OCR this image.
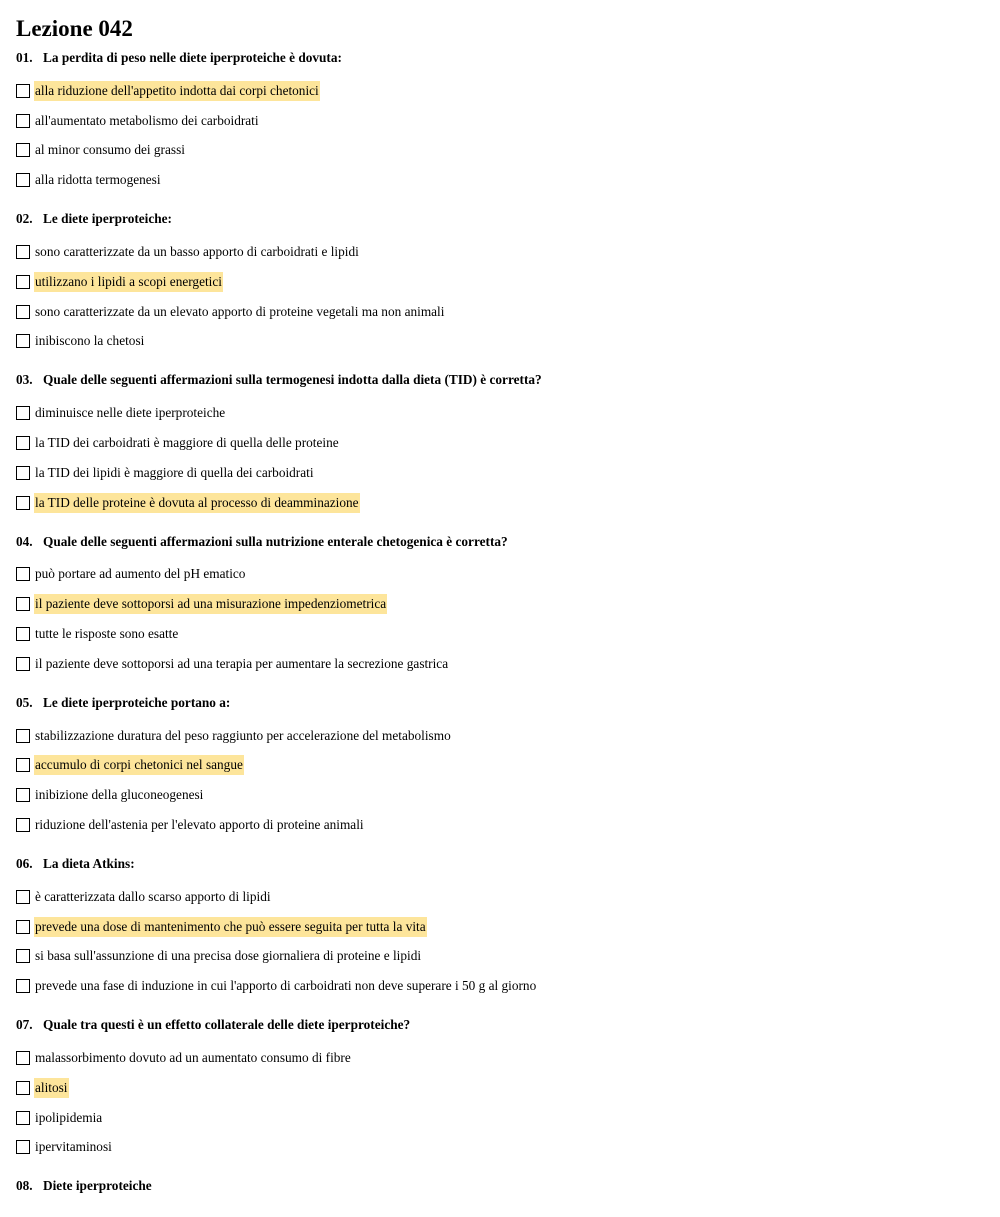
Lezione 042
01. La perdita di peso nelle diete iperproteiche è dovuta:
alla riduzione dell'appetito indotta dai corpi chetonici
all'aumentato metabolismo dei carboidrati
al minor consumo dei grassi
alla ridotta termogenesi
02. Le diete iperproteiche:
sono caratterizzate da un basso apporto di carboidrati e lipidi
utilizzano i lipidi a scopi energetici
sono caratterizzate da un elevato apporto di proteine vegetali ma non animali
inibiscono la chetosi
03. Quale delle seguenti affermazioni sulla termogenesi indotta dalla dieta (TID) è corretta?
diminuisce nelle diete iperproteiche
la TID dei carboidrati è maggiore di quella delle proteine
la TID dei lipidi è maggiore di quella dei carboidrati
la TID delle proteine è dovuta al processo di deamminazione
04. Quale delle seguenti affermazioni sulla nutrizione enterale chetogenica è corretta?
può portare ad aumento del pH ematico
il paziente deve sottoporsi ad una misurazione impedenziometrica
tutte le risposte sono esatte
il paziente deve sottoporsi ad una terapia per aumentare la secrezione gastrica
05. Le diete iperproteiche portano a:
stabilizzazione duratura del peso raggiunto per accelerazione del metabolismo
accumulo di corpi chetonici nel sangue
inibizione della gluconeogenesi
riduzione dell'astenia per l'elevato apporto di proteine animali
06. La dieta Atkins:
è caratterizzata dallo scarso apporto di lipidi
prevede una dose di mantenimento che può essere seguita per tutta la vita
si basa sull'assunzione di una precisa dose giornaliera di proteine e lipidi
prevede una fase di induzione in cui l'apporto di carboidrati non deve superare i 50 g al giorno
07. Quale tra questi è un effetto collaterale delle diete iperproteiche?
malassorbimento dovuto ad un aumentato consumo di fibre
alitosi
ipolipidemia
ipervitaminosi
08. Diete iperproteiche
